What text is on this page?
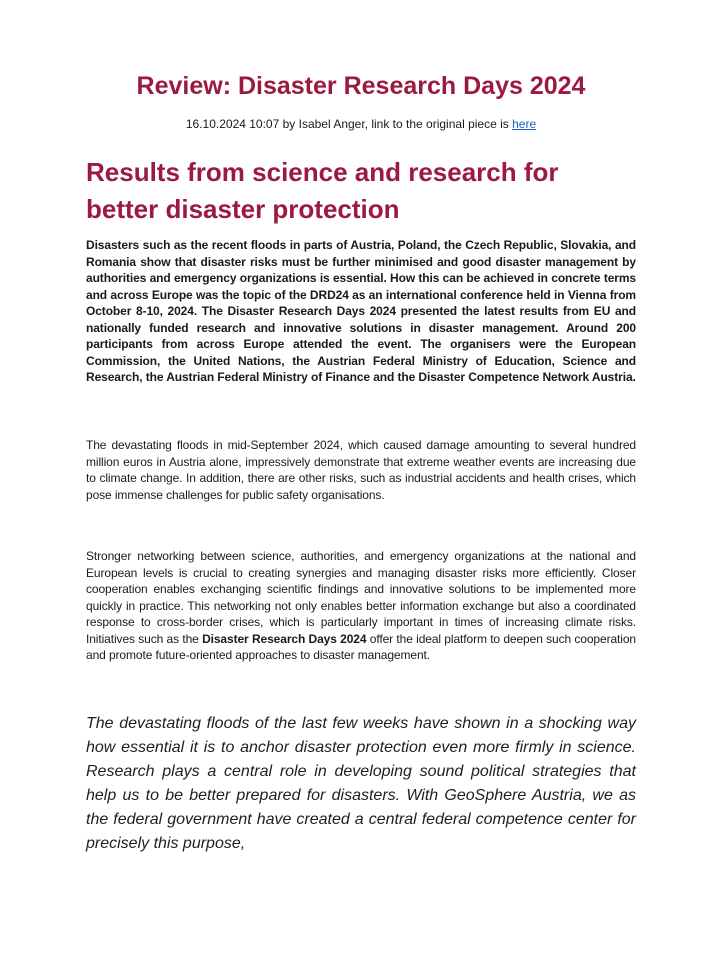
Review: Disaster Research Days 2024
16.10.2024 10:07 by Isabel Anger, link to the original piece is here
Results from science and research for better disaster protection

Disasters such as the recent floods in parts of Austria, Poland, the Czech Republic, Slovakia, and Romania show that disaster risks must be further minimised and good disaster management by authorities and emergency organizations is essential. How this can be achieved in concrete terms and across Europe was the topic of the DRD24 as an international conference held in Vienna from October 8-10, 2024. The Disaster Research Days 2024 presented the latest results from EU and nationally funded research and innovative solutions in disaster management. Around 200 participants from across Europe attended the event. The organisers were the European Commission, the United Nations, the Austrian Federal Ministry of Education, Science and Research, the Austrian Federal Ministry of Finance and the Disaster Competence Network Austria.

The devastating floods in mid-September 2024, which caused damage amounting to several hundred million euros in Austria alone, impressively demonstrate that extreme weather events are increasing due to climate change. In addition, there are other risks, such as industrial accidents and health crises, which pose immense challenges for public safety organisations.

Stronger networking between science, authorities, and emergency organizations at the national and European levels is crucial to creating synergies and managing disaster risks more efficiently. Closer cooperation enables exchanging scientific findings and innovative solutions to be implemented more quickly in practice. This networking not only enables better information exchange but also a coordinated response to cross-border crises, which is particularly important in times of increasing climate risks. Initiatives such as the Disaster Research Days 2024 offer the ideal platform to deepen such cooperation and promote future-oriented approaches to disaster management.

The devastating floods of the last few weeks have shown in a shocking way how essential it is to anchor disaster protection even more firmly in science. Research plays a central role in developing sound political strategies that help us to be better prepared for disasters. With GeoSphere Austria, we as the federal government have created a central federal competence center for precisely this purpose,
